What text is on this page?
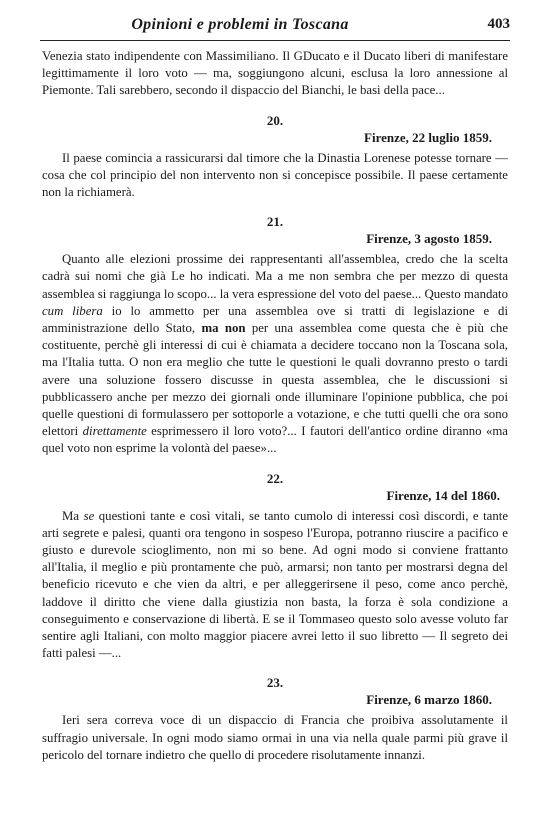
Opinioni e problemi in Toscana	403

Venezia stato indipendente con Massimiliano. Il GDucato e il Ducato liberi di manifestare legittimamente il loro voto — ma, soggiungono alcuni, esclusa la loro annessione al Piemonte. Tali sarebbero, secondo il dispaccio del Bianchi, le basi della pace...

20.
Firenze, 22 luglio 1859.

Il paese comincia a rassicurarsi dal timore che la Dinastia Lorenese potesse tornare — cosa che col principio del non intervento non si concepisce possibile. Il paese certamente non la richiamerà.

21.
Firenze, 3 agosto 1859.

Quanto alle elezioni prossime dei rappresentanti all'assemblea, credo che la scelta cadrà sui nomi che già Le ho indicati. Ma a me non sembra che per mezzo di questa assemblea si raggiunga lo scopo... la vera espressione del voto del paese... Questo mandato cum libera io lo ammetto per una assemblea ove si tratti di legislazione e di amministrazione dello Stato, ma non per una assemblea come questa che è più che costituente, perchè gli interessi di cui è chiamata a decidere toccano non la Toscana sola, ma l'Italia tutta. O non era meglio che tutte le questioni le quali dovranno presto o tardi avere una soluzione fossero discusse in questa assemblea, che le discussioni si pubblicassero anche per mezzo dei giornali onde illuminare l'opinione pubblica, che poi quelle questioni di formulassero per sottoporle a votazione, e che tutti quelli che ora sono elettori direttamente esprimessero il loro voto?... I fautori dell'antico ordine diranno «ma quel voto non esprime la volontà del paese»...

22.
Firenze, 14 del 1860.

Ma se questioni tante e così vitali, se tanto cumolo di interessi così discordi, e tante arti segrete e palesi, quanti ora tengono in sospeso l'Europa, potranno riuscire a pacifico e giusto e durevole scioglimento, non mi so bene. Ad ogni modo si conviene frattanto all'Italia, il meglio e più prontamente che può, armarsi; non tanto per mostrarsi degna del beneficio ricevuto e che vien da altri, e per alleggerirsene il peso, come anco perchè, laddove il diritto che viene dalla giustizia non basta, la forza è sola condizione a conseguimento e conservazione di libertà. E se il Tommaseo questo solo avesse voluto far sentire agli Italiani, con molto maggior piacere avrei letto il suo libretto — Il segreto dei fatti palesi —...

23.
Firenze, 6 marzo 1860.

Ieri sera correva voce di un dispaccio di Francia che proibiva assolutamente il suffragio universale. In ogni modo siamo ormai in una via nella quale parmi più grave il pericolo del tornare indietro che quello di procedere risolutamente innanzi.
